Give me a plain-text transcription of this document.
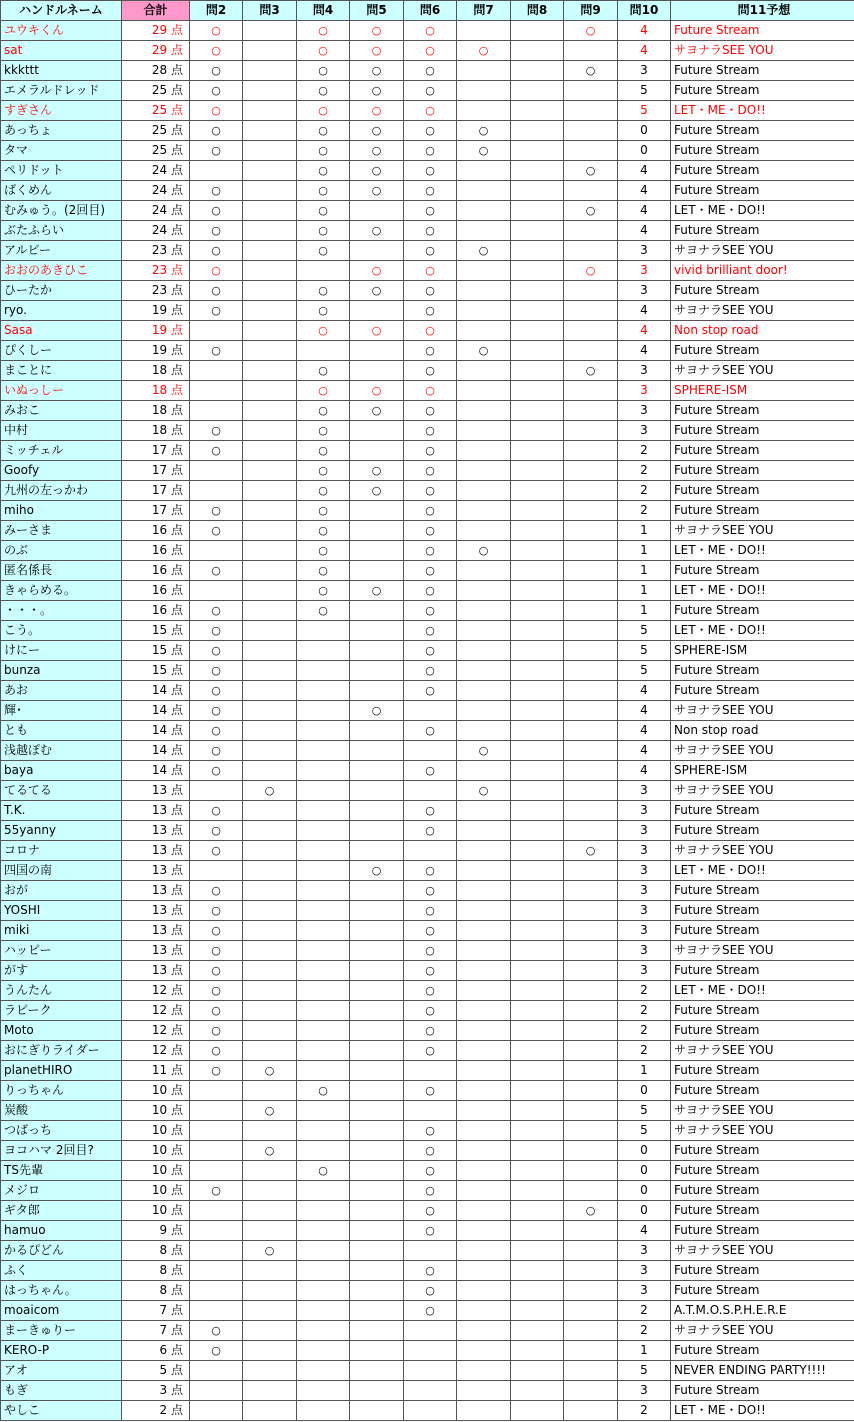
ハンドルネーム	合計	問2	問3	問4	問5	問6	問7	問8	問9	問10	問11予想
ユウキくん	29 点	○		○	○	○			○	4	Future Stream
sat	29 点	○		○	○	○	○			4	サヨナラSEE YOU
kkkttt	28 点	○		○	○	○			○	3	Future Stream
エメラルドレッド	25 点	○		○	○	○				5	Future Stream
すぎさん	25 点	○		○	○	○				5	LET・ME・DO!!
あっちょ	25 点	○		○	○	○	○			0	Future Stream
タマ	25 点	○		○	○	○	○			0	Future Stream
ペリドット	24 点			○	○	○			○	4	Future Stream
ばくめん	24 点	○		○	○	○				4	Future Stream
むみゅう。(2回目)	24 点	○		○		○			○	4	LET・ME・DO!!
ぶたふらい	24 点	○		○	○	○				4	Future Stream
アルビー	23 点	○		○		○	○			3	サヨナラSEE YOU
おおのあきひこ	23 点	○			○	○			○	3	vivid brilliant door!
ひーたか	23 点	○		○	○	○				3	Future Stream
ryo.	19 点	○		○		○				4	サヨナラSEE YOU
Sasa	19 点			○	○	○				4	Non stop road
ぴくしー	19 点	○				○	○			4	Future Stream
まことに	18 点			○		○			○	3	サヨナラSEE YOU
いぬっしー	18 点			○	○	○				3	SPHERE-ISM
みおこ	18 点			○	○	○				3	Future Stream
中村	18 点	○		○		○				3	Future Stream
ミッチェル	17 点	○		○		○				2	Future Stream
Goofy	17 点			○	○	○				2	Future Stream
九州の左っかわ	17 点			○	○	○				2	Future Stream
miho	17 点	○		○		○				2	Future Stream
みーさま	16 点	○		○		○				1	サヨナラSEE YOU
のぶ	16 点			○		○	○			1	LET・ME・DO!!
匿名係長	16 点	○		○		○				1	Future Stream
きゃらめる。	16 点			○	○	○				1	LET・ME・DO!!
・・・。	16 点	○		○		○				1	Future Stream
こう。	15 点	○				○				5	LET・ME・DO!!
けにー	15 点	○				○				5	SPHERE-ISM
bunza	15 点	○				○				5	Future Stream
あお	14 点	○				○				4	Future Stream
輝･	14 点	○			○					4	サヨナラSEE YOU
とも	14 点	○				○				4	Non stop road
浅越ぽむ	14 点	○					○			4	サヨナラSEE YOU
baya	14 点	○				○				4	SPHERE-ISM
てるてる	13 点		○				○			3	サヨナラSEE YOU
T.K.	13 点	○				○				3	Future Stream
55yanny	13 点	○				○				3	Future Stream
コロナ	13 点	○							○	3	サヨナラSEE YOU
四国の南	13 点				○	○				3	LET・ME・DO!!
おが	13 点	○				○				3	Future Stream
YOSHI	13 点	○				○				3	Future Stream
miki	13 点	○				○				3	Future Stream
ハッピー	13 点	○				○				3	サヨナラSEE YOU
がす	13 点	○				○				3	Future Stream
うんたん	12 点	○				○				2	LET・ME・DO!!
ラピーク	12 点	○				○				2	Future Stream
Moto	12 点	○				○				2	Future Stream
おにぎりライダー	12 点	○				○				2	サヨナラSEE YOU
planetHIRO	11 点	○	○							1	Future Stream
りっちゃん	10 点			○		○				0	Future Stream
炭酸	10 点		○							5	サヨナラSEE YOU
つばっち	10 点					○				5	サヨナラSEE YOU
ヨコハマ 2回目?	10 点		○			○				0	Future Stream
TS先輩	10 点			○		○				0	Future Stream
メジロ	10 点	○				○				0	Future Stream
ギタ郎	10 点					○			○	0	Future Stream
hamuo	9 点					○				4	Future Stream
かるぴどん	8 点		○							3	サヨナラSEE YOU
ふく	8 点					○				3	Future Stream
はっちゃん。	8 点					○				3	Future Stream
moaicom	7 点					○				2	A.T.M.O.S.P.H.E.R.E
まーきゅりー	7 点	○								2	サヨナラSEE YOU
KERO-P	6 点	○								1	Future Stream
アオ	5 点									5	NEVER ENDING PARTY!!!!
もぎ	3 点									3	Future Stream
やしこ	2 点									2	LET・ME・DO!!
